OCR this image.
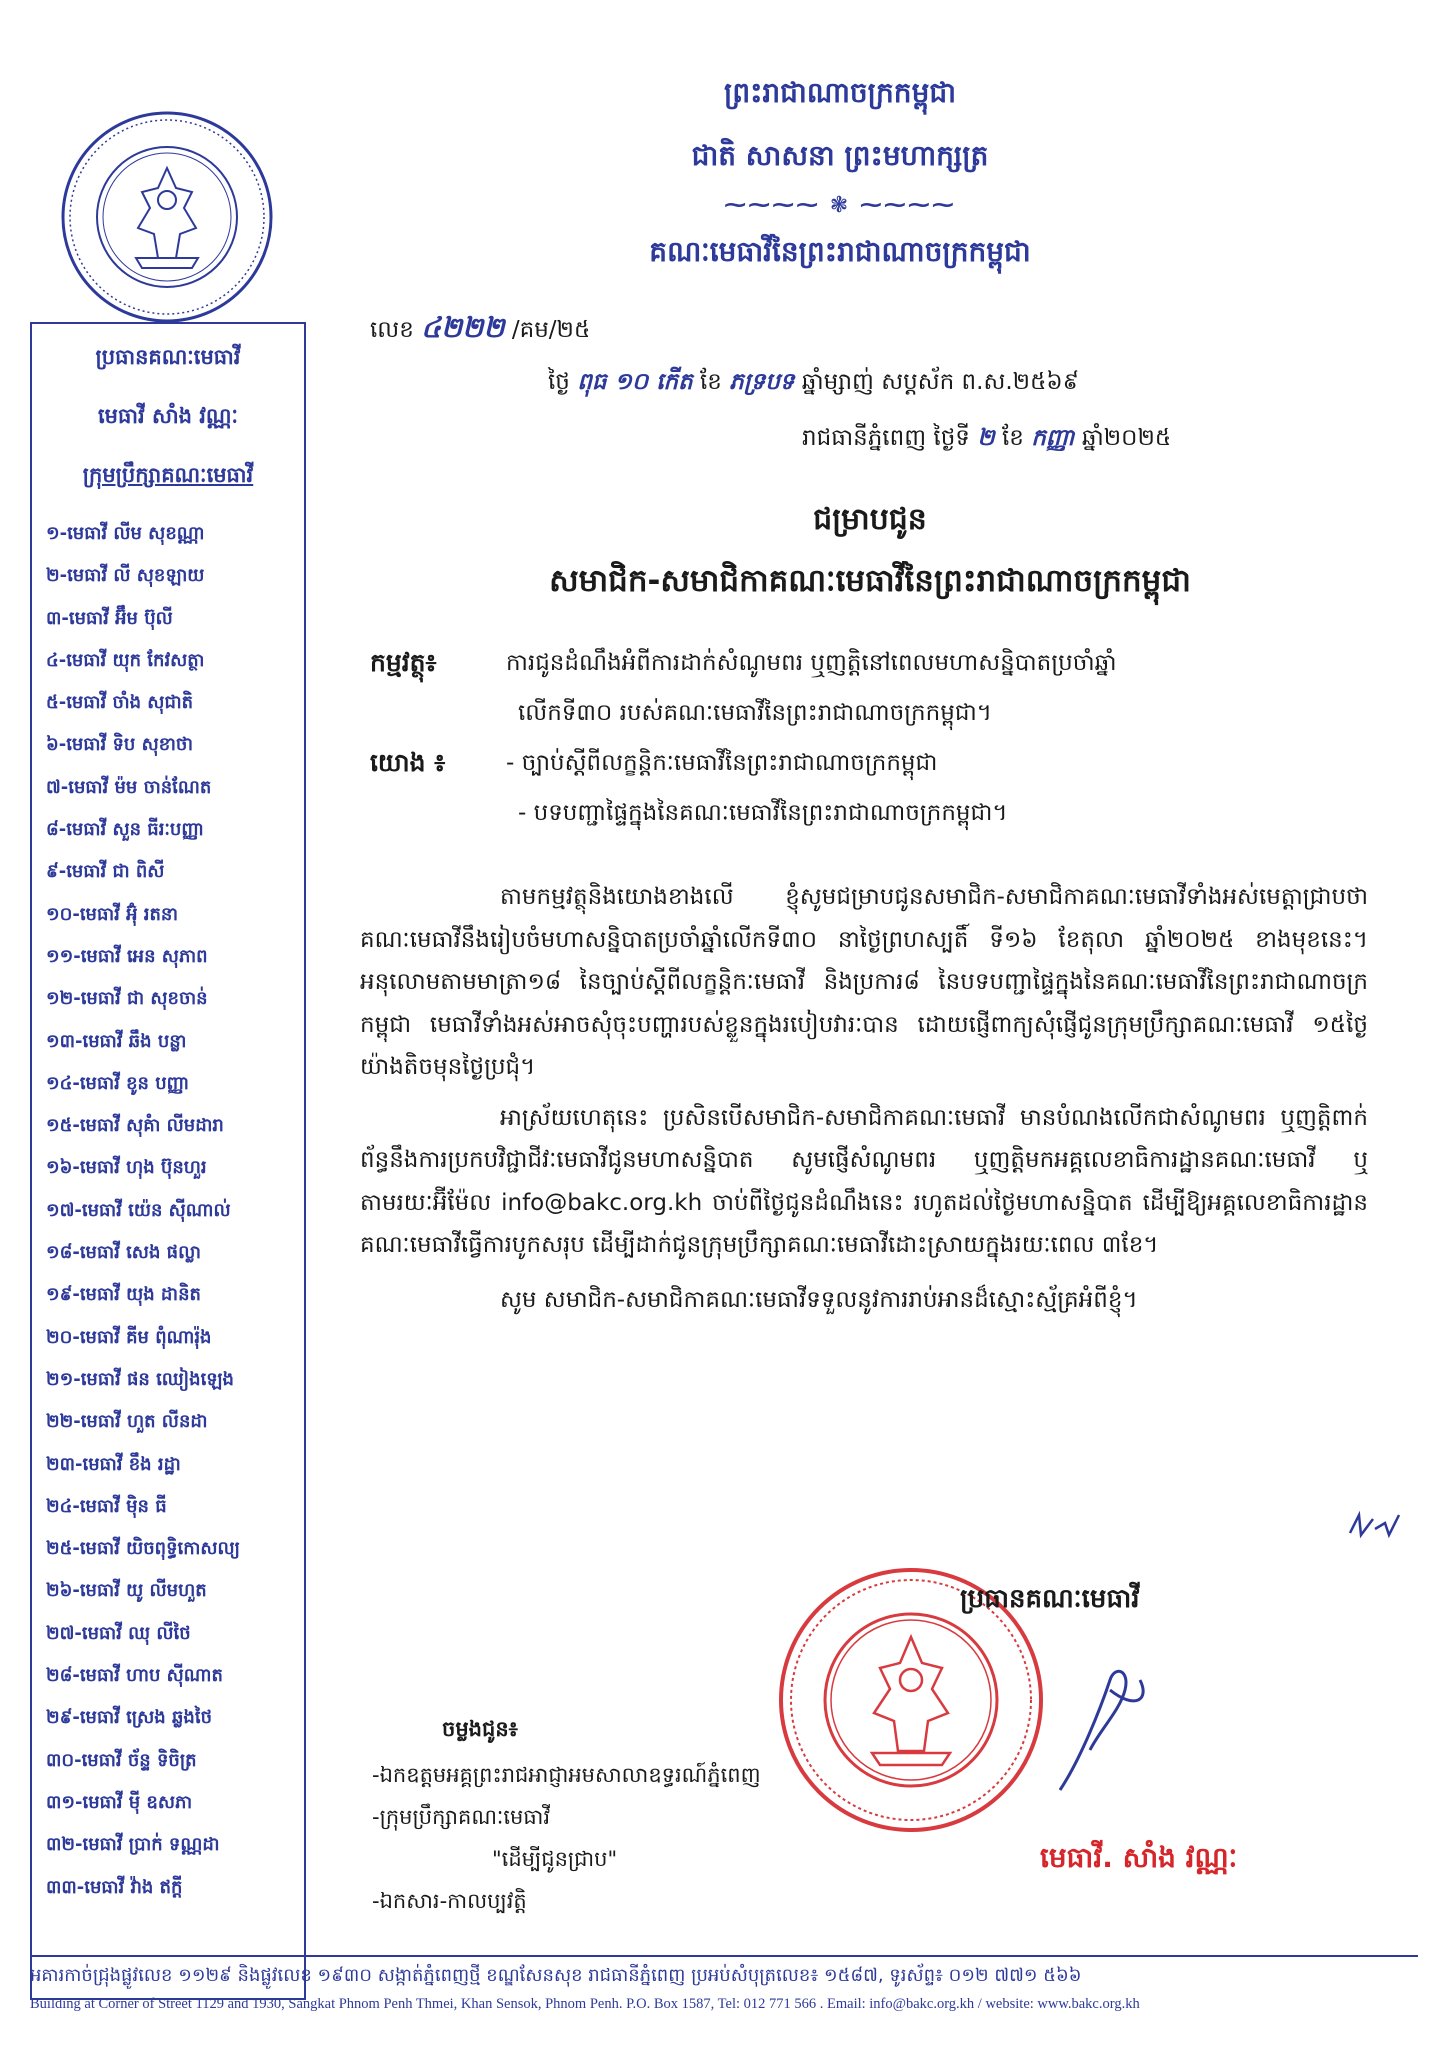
ព្រះរាជាណាចក្រកម្ពុជា
ជាតិ សាសនា ព្រះមហាក្សត្រ
⁓⁓⁓⁓ ❃ ⁓⁓⁓⁓
គណៈមេធាវីនៃព្រះរាជាណាចក្រកម្ពុជា
ប្រធានគណៈមេធាវី
មេធាវី សាំង វណ្ណៈ
ក្រុមប្រឹក្សាគណៈមេធាវី
១-មេធាវី លីម សុខណ្ណា
២-មេធាវី លី សុខឡាយ
៣-មេធាវី អ៊ឹម ប៊ុលី
៤-មេធាវី យុក កែវសត្ថា
៥-មេធាវី ចាំង សុជាតិ
៦-មេធាវី ទិប សុខាថា
៧-មេធាវី ម៉ម ចាន់ណែត
៨-មេធាវី សួន ធីរៈបញ្ញា
៩-មេធាវី ជា ពិសី
១០-មេធាវី អ៊ុំ រតនា
១១-មេធាវី អេន សុភាព
១២-មេធាវី ជា សុខចាន់
១៣-មេធាវី ឆឹង បន្លា
១៤-មេធាវី ខូន បញ្ញា
១៥-មេធាវី សុគំា លីមដារា
១៦-មេធាវី ហុង ប៊ុនហួរ
១៧-មេធាវី យ៉េន ស៊ីណាល់
១៨-មេធាវី សេង ផល្លា
១៩-មេធាវី យុង ដានិត
២០-មេធាវី គីម ពុំណារ៉ុង
២១-មេធាវី ផន ឈៀងឡេង
២២-មេធាវី ហួត លីនដា
២៣-មេធាវី ខឹង រដ្ឋា
២៤-មេធាវី ម៉ិន ធី
២៥-មេធាវី យិចពុទ្ធិកោសល្យ
២៦-មេធាវី យូ លីមហួត
២៧-មេធាវី ឈុ លីថៃ
២៨-មេធាវី ហាប ស៊ីណាត
២៩-មេធាវី ស្រេង ឆ្លងថៃ
៣០-មេធាវី ច័ន្ទ ទិចិត្រ
៣១-មេធាវី ម៉ី ឧសភា
៣២-មេធាវី ប្រាក់ ទណ្ណដា
៣៣-មេធាវី វ៉ាង ឥក្តី
លេខ ៤២២២ /គម/២៥
ថ្ងៃ ពុធ ១០ កើត ខែ ភទ្របទ ឆ្នាំម្សាញ់ សប្តស័ក ព.ស.២៥៦៩
រាជធានីភ្នំពេញ ថ្ងៃទី ២ ខែ កញ្ញា ឆ្នាំ២០២៥
ជម្រាបជូន
សមាជិក-សមាជិកាគណៈមេធាវីនៃព្រះរាជាណាចក្រកម្ពុជា
កម្មវត្ថុ៖	ការជូនដំណឹងអំពីការដាក់សំណូមពរ ឬញត្តិនៅពេលមហាសន្និបាតប្រចាំឆ្នាំ
លើកទី៣០ របស់គណៈមេធាវីនៃព្រះរាជាណាចក្រកម្ពុជា។
យោង ៖	- ច្បាប់ស្តីពីលក្ខន្តិកៈមេធាវីនៃព្រះរាជាណាចក្រកម្ពុជា
- បទបញ្ជាផ្ទៃក្នុងនៃគណៈមេធាវីនៃព្រះរាជាណាចក្រកម្ពុជា។

តាមកម្មវត្ថុនិងយោងខាងលើ ខ្ញុំសូមជម្រាបជូនសមាជិក-សមាជិកាគណៈមេធាវីទាំងអស់មេត្តាជ្រាបថា គណៈមេធាវីនឹងរៀបចំមហាសន្និបាតប្រចាំឆ្នាំលើកទី៣០ នាថ្ងៃព្រហស្បតិ៍ ទី១៦ ខែតុលា ឆ្នាំ២០២៥ ខាងមុខនេះ។ អនុលោមតាមមាត្រា១៨ នៃច្បាប់ស្តីពីលក្ខន្តិកៈមេធាវី និងប្រការ៨ នៃបទបញ្ជាផ្ទៃក្នុងនៃគណៈមេធាវីនៃព្រះរាជាណាចក្រកម្ពុជា មេធាវីទាំងអស់អាចសុំចុះបញ្ហារបស់ខ្លួនក្នុងរបៀបវារៈបាន ដោយផ្ញើពាក្យសុំផ្ញើជូនក្រុមប្រឹក្សាគណៈមេធាវី ១៥ថ្ងៃយ៉ាងតិចមុនថ្ងៃប្រជុំ។

អាស្រ័យហេតុនេះ ប្រសិនបើសមាជិក-សមាជិកាគណៈមេធាវី មានបំណងលើកជាសំណូមពរ ឬញត្តិពាក់ព័ន្ធនឹងការប្រកបវិជ្ជាជីវៈមេធាវីជូនមហាសន្និបាត សូមផ្ញើសំណូមពរ ឬញត្តិមកអគ្គលេខាធិការដ្ឋានគណៈមេធាវី ឬតាមរយៈអ៊ីម៉ែល info@bakc.org.kh ចាប់ពីថ្ងៃជូនដំណឹងនេះ រហូតដល់ថ្ងៃមហាសន្និបាត ដើម្បីឱ្យអគ្គលេខាធិការដ្ឋានគណៈមេធាវីធ្វើការបូកសរុប ដើម្បីដាក់ជូនក្រុមប្រឹក្សាគណៈមេធាវីដោះស្រាយក្នុងរយៈពេល ៣ខែ។

សូម សមាជិក-សមាជិកាគណៈមេធាវីទទួលនូវការរាប់អានដ៏ស្មោះស្ម័គ្រអំពីខ្ញុំ។

ប្រធានគណៈមេធាវី
មេធាវី. សាំង វណ្ណៈ
ចម្លងជូន៖
-ឯកឧត្តមអគ្គព្រះរាជអាជ្ញាអមសាលាឧទ្ធរណ៍ភ្នំពេញ
-ក្រុមប្រឹក្សាគណៈមេធាវី
"ដើម្បីជូនជ្រាប"
-ឯកសារ-កាលប្បវត្តិ
អគារកាច់ជ្រុងផ្លូវលេខ ១១២៩ និងផ្លូវលេខ ១៩៣០ សង្កាត់ភ្នំពេញថ្មី ខណ្ឌសែនសុខ រាជធានីភ្នំពេញ ប្រអប់សំបុត្រលេខ៖ ១៥៨៧, ទូរស័ព្ទ៖ ០១២ ៧៧១ ៥៦៦
Building at Corner of Street 1129 and 1930, Sangkat Phnom Penh Thmei, Khan Sensok, Phnom Penh. P.O. Box 1587, Tel: 012 771 566 . Email: info@bakc.org.kh / website: www.bakc.org.kh
